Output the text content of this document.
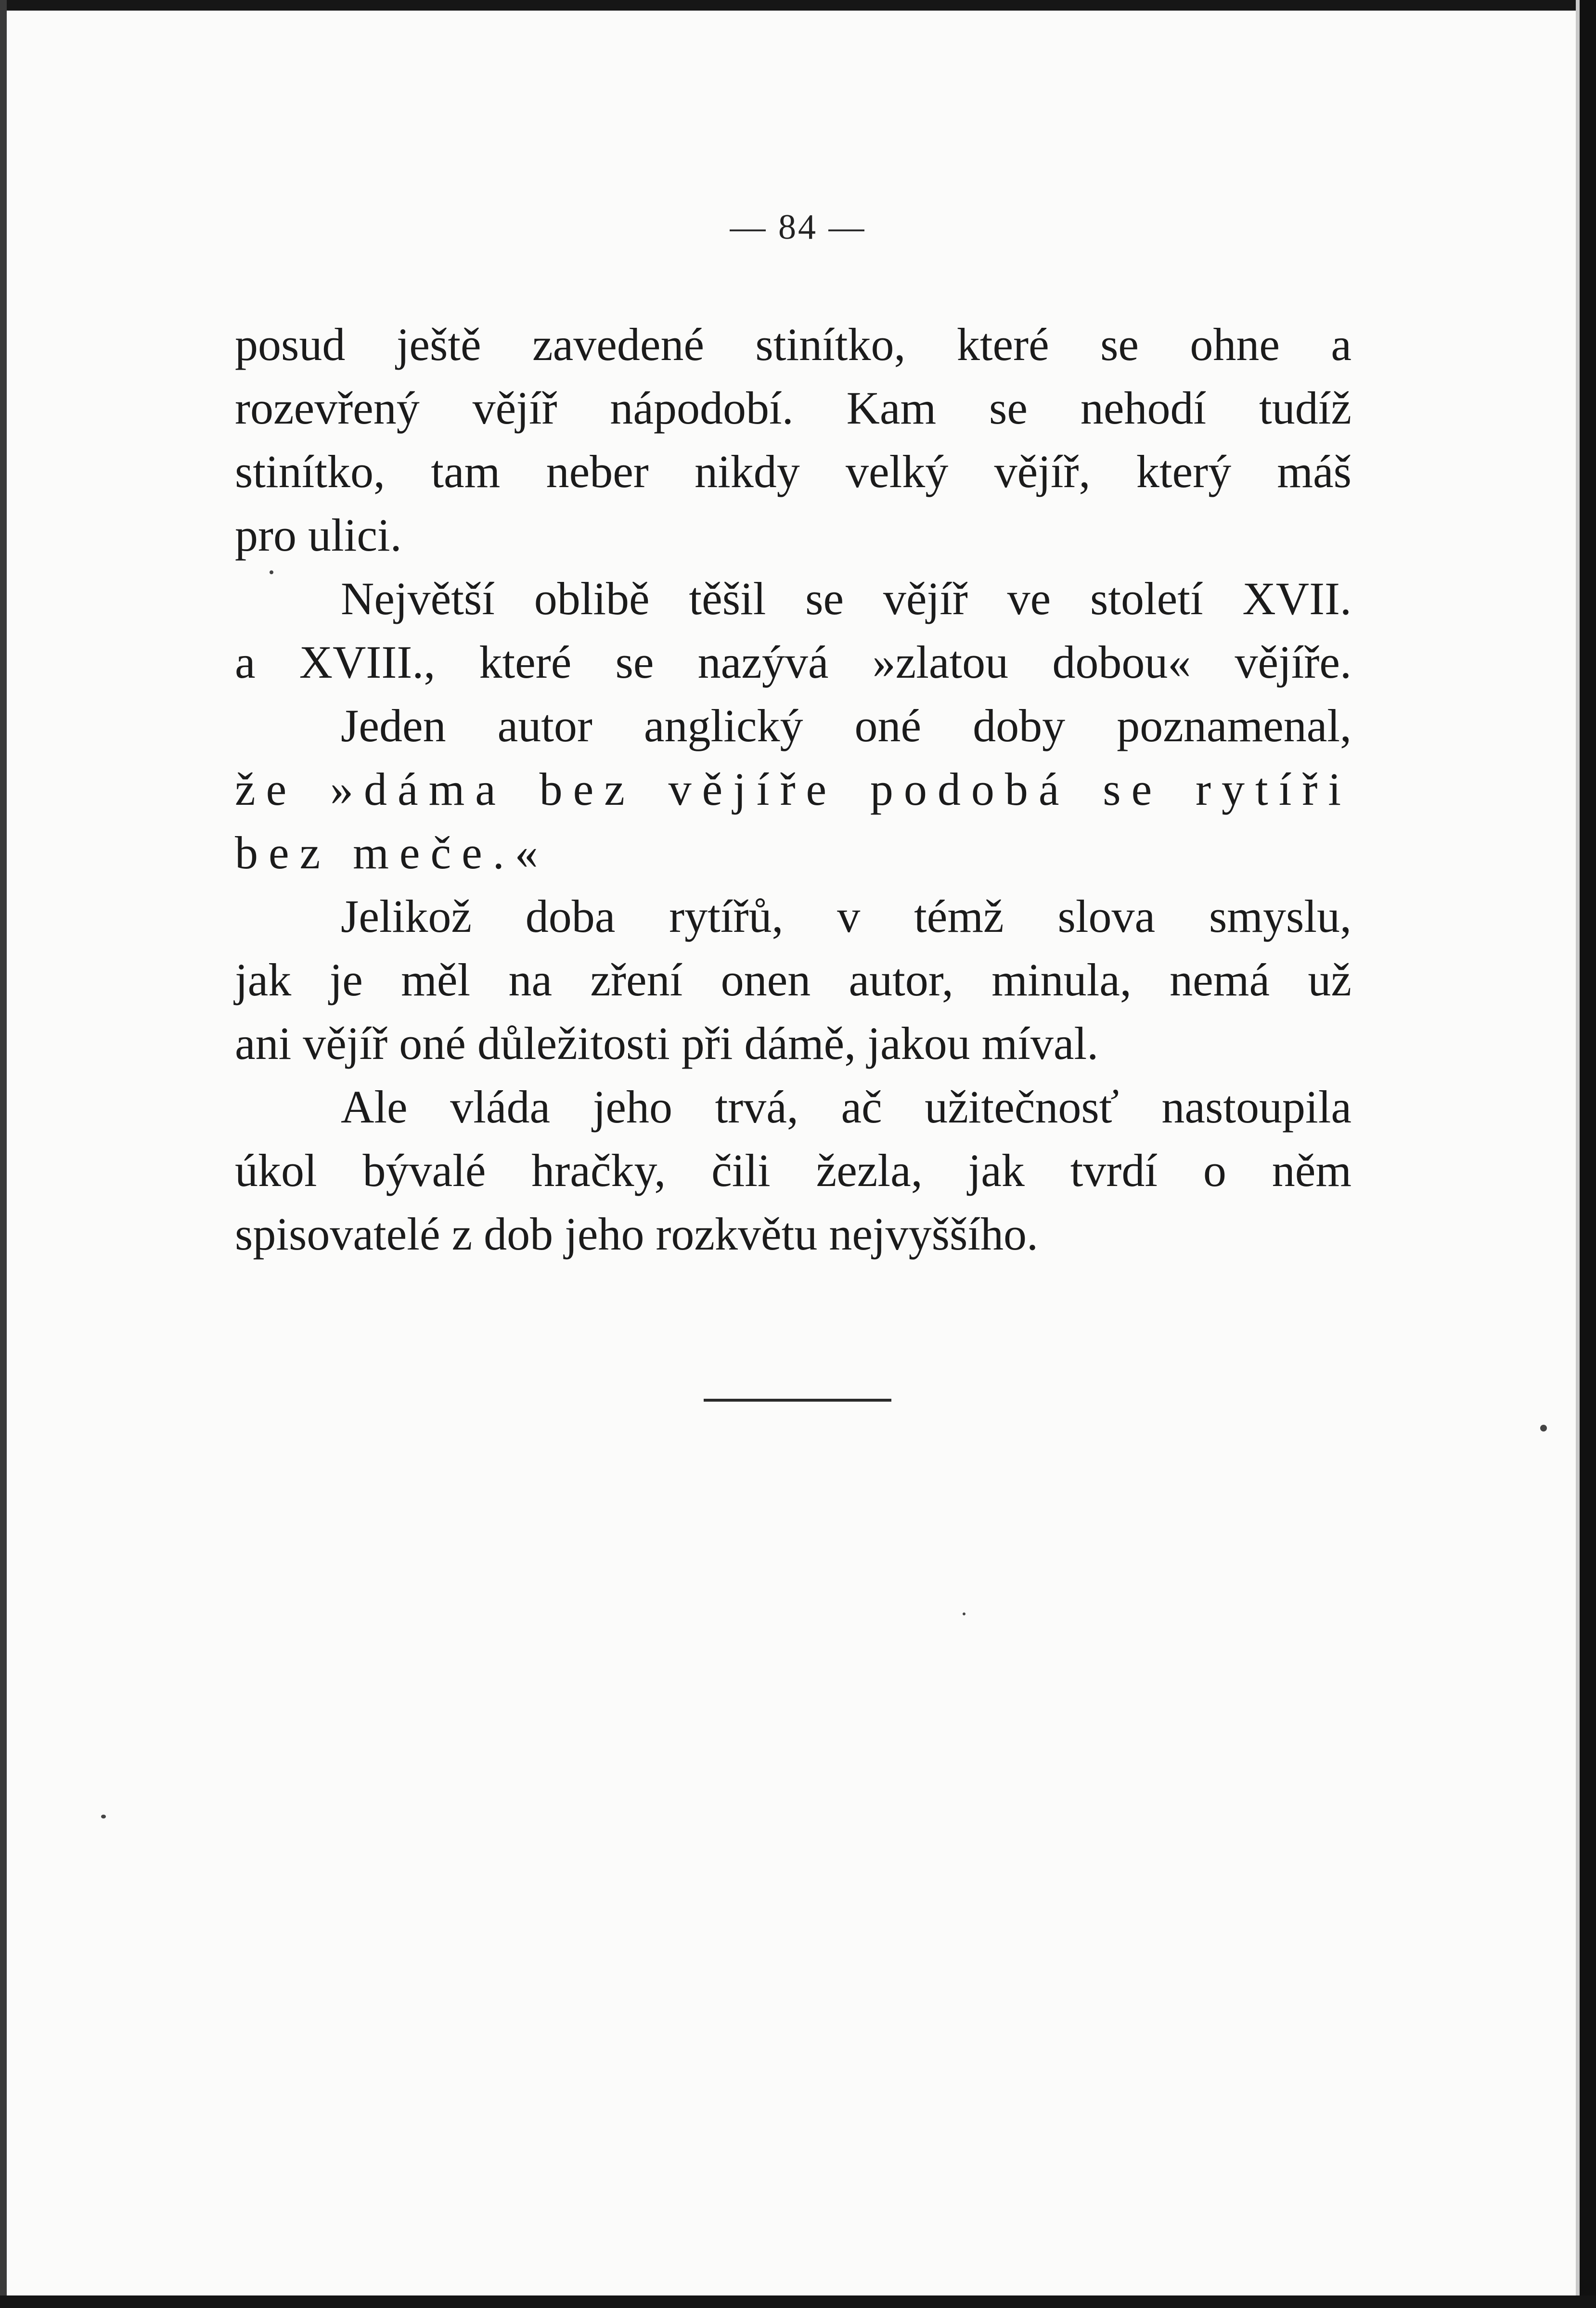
— 84 —
posud ještě zavedené stinítko, které se ohne a
rozevřený vějíř nápodobí. Kam se nehodí tudíž
stinítko, tam neber nikdy velký vějíř, který máš
pro ulici.
Největší oblibě těšil se vějíř ve století XVII.
a XVIII., které se nazývá »zlatou dobou« vějíře.
Jeden autor anglický oné doby poznamenal,
že »dáma bez vějíře podobá se rytíři
bez meče.«
Jelikož doba rytířů, v témž slova smyslu,
jak je měl na zření onen autor, minula, nemá už
ani vějíř oné důležitosti při dámě, jakou míval.
Ale vláda jeho trvá, ač užitečnosť nastoupila
úkol bývalé hračky, čili žezla, jak tvrdí o něm
spisovatelé z dob jeho rozkvětu nejvyššího.
